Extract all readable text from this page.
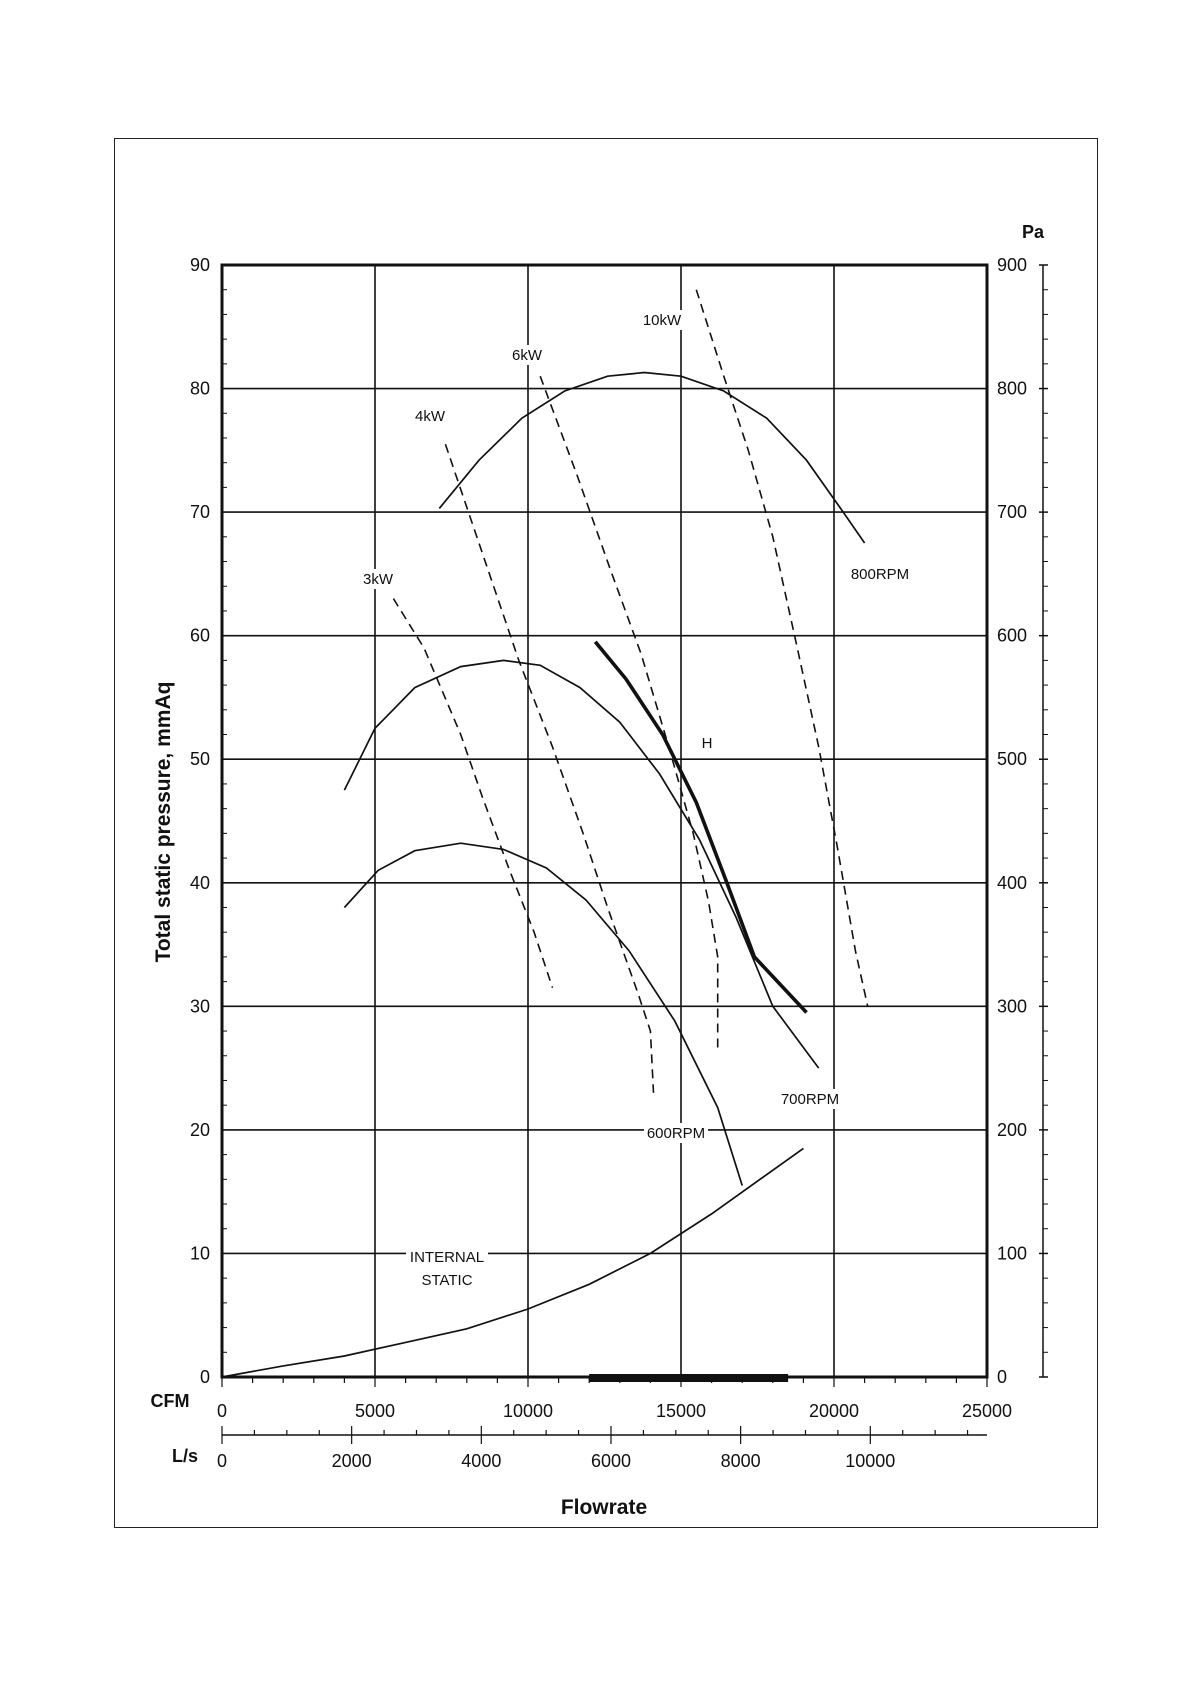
0	0
10	100
20	200
30	300
40	400
50	500
60	600
70	700
80	800
90	900
0	5000	10000	15000	20000	25000
0	2000	4000	6000	8000	10000
Pa
CFM
L/s
Flowrate
Total static pressure, mmAq
3kW
4kW
6kW
10kW
800RPM
700RPM
600RPM
H
INTERNAL
STATIC
